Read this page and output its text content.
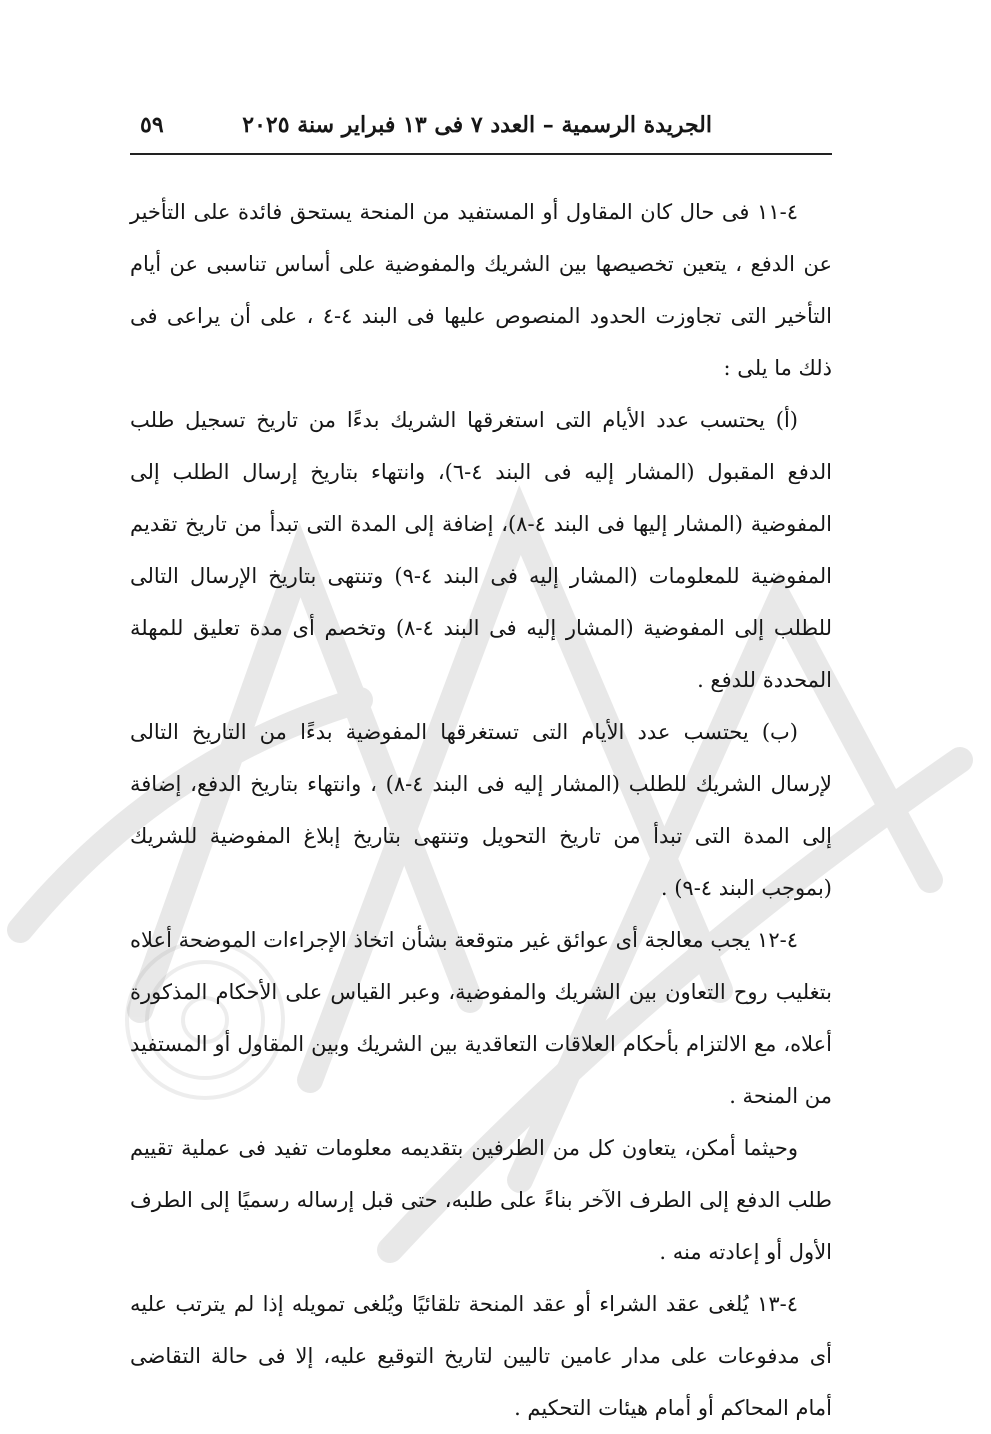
الجريدة الرسمية – العدد ٧ فى ١٣ فبراير سنة ٢٠٢٥
٥٩

٤-١١ فى حال كان المقاول أو المستفيد من المنحة يستحق فائدة على التأخير عن الدفع ، يتعين تخصيصها بين الشريك والمفوضية على أساس تناسبى عن أيام التأخير التى تجاوزت الحدود المنصوص عليها فى البند ٤-٤ ، على أن يراعى فى ذلك ما يلى :

(أ) يحتسب عدد الأيام التى استغرقها الشريك بدءًا من تاريخ تسجيل طلب الدفع المقبول (المشار إليه فى البند ٤-٦)، وانتهاء بتاريخ إرسال الطلب إلى المفوضية (المشار إليها فى البند ٤-٨)، إضافة إلى المدة التى تبدأ من تاريخ تقديم المفوضية للمعلومات (المشار إليه فى البند ٤-٩) وتنتهى بتاريخ الإرسال التالى للطلب إلى المفوضية (المشار إليه فى البند ٤-٨) وتخصم أى مدة تعليق للمهلة المحددة للدفع .

(ب) يحتسب عدد الأيام التى تستغرقها المفوضية بدءًا من التاريخ التالى لإرسال الشريك للطلب (المشار إليه فى البند ٤-٨) ، وانتهاء بتاريخ الدفع، إضافة إلى المدة التى تبدأ من تاريخ التحويل وتنتهى بتاريخ إبلاغ المفوضية للشريك (بموجب البند ٤-٩) .

٤-١٢ يجب معالجة أى عوائق غير متوقعة بشأن اتخاذ الإجراءات الموضحة أعلاه بتغليب روح التعاون بين الشريك والمفوضية، وعبر القياس على الأحكام المذكورة أعلاه، مع الالتزام بأحكام العلاقات التعاقدية بين الشريك وبين المقاول أو المستفيد من المنحة .

وحيثما أمكن، يتعاون كل من الطرفين بتقديمه معلومات تفيد فى عملية تقييم طلب الدفع إلى الطرف الآخر بناءً على طلبه، حتى قبل إرساله رسميًا إلى الطرف الأول أو إعادته منه .

٤-١٣ يُلغى عقد الشراء أو عقد المنحة تلقائيًا ويُلغى تمويله إذا لم يترتب عليه أى مدفوعات على مدار عامين تاليين لتاريخ التوقيع عليه، إلا فى حالة التقاضى أمام المحاكم أو أمام هيئات التحكيم .
